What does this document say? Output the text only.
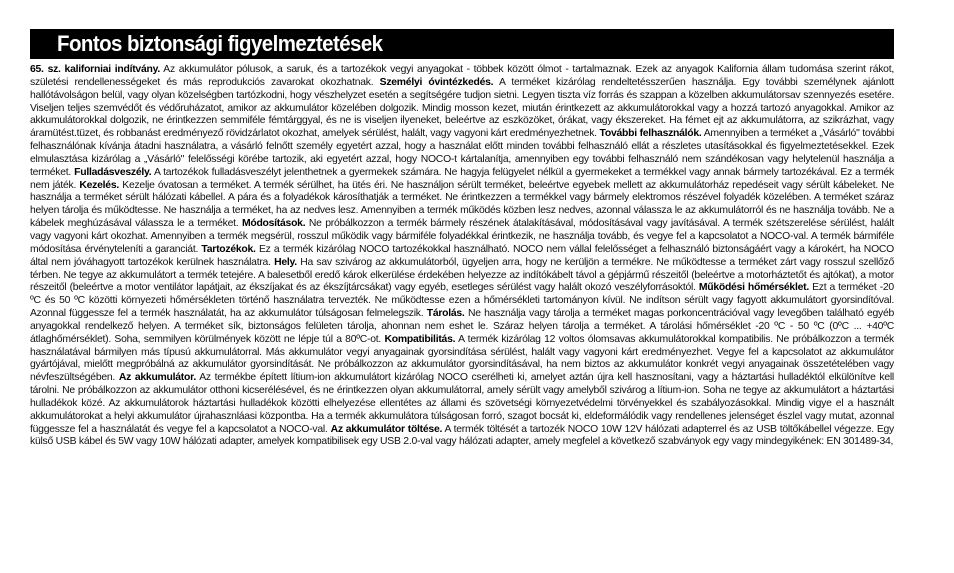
Fontos biztonsági figyelmeztetések

65. sz. kaliforniai indítvány. Az akkumulátor pólusok, a saruk, és a tartozékok vegyi anyagokat - többek között ólmot - tartalmaznak. Ezek az anyagok Kalifornia állam tudomása szerint rákot, születési rendellenességeket és más reprodukciós zavarokat okozhatnak. Személyi óvintézkedés. A terméket kizárólag rendeltetésszerűen használja. Egy további személynek ajánlott hallótávolságon belül, vagy olyan közelségben tartózkodni, hogy vészhelyzet esetén a segítségére tudjon sietni. Legyen tiszta víz forrás és szappan a közelben akkumulátorsav szennyezés esetére. Viseljen teljes szemvédőt és védőruházatot, amikor az akkumulátor közelében dolgozik. Mindig mosson kezet, miután érintkezett az akkumulátorokkal vagy a hozzá tartozó anyagokkal. Amikor az akkumulátorokkal dolgozik, ne érintkezzen semmiféle fémtárggyal, és ne is viseljen ilyeneket, beleértve az eszközöket, órákat, vagy ékszereket. Ha fémet ejt az akkumulátorra, az szikrázhat, vagy áramütést.tüzet, és robbanást eredményező rövidzárlatot okozhat, amelyek sérülést, halált, vagy vagyoni kárt eredményezhetnek. További felhasználók. Amennyiben a terméket a „Vásárló" további felhasználónak kívánja átadni használatra, a vásárló felnőtt személy egyetért azzal, hogy a használat előtt minden további felhasználó ellát a részletes utasításokkal és figyelmeztetésekkel. Ezek elmulasztása kizárólag a „Vásárló" felelősségi körébe tartozik, aki egyetért azzal, hogy NOCO-t kártalanítja, amennyiben egy további felhasználó nem szándékosan vagy helytelenül használja a terméket. Fulladásveszély. A tartozékok fulladásveszélyt jelenthetnek a gyermekek számára. Ne hagyja felügyelet nélkül a gyermekeket a termékkel vagy annak bármely tartozékával. Ez a termék nem játék. Kezelés. Kezelje óvatosan a terméket. A termék sérülhet, ha ütés éri. Ne használjon sérült terméket, beleértve egyebek mellett az akkumulátorház repedéseit vagy sérült kábeleket. Ne használja a terméket sérült hálózati kábellel. A pára és a folyadékok károsíthatják a terméket. Ne érintkezzen a termékkel vagy bármely elektromos részével folyadék közelében. A terméket száraz helyen tárolja és működtesse. Ne használja a terméket, ha az nedves lesz. Amennyiben a termék működés közben lesz nedves, azonnal válassza le az akkumulátorról és ne használja tovább. Ne a kábelek meghúzásával válassza le a terméket. Módosítások. Ne próbálkozzon a termék bármely részének átalakításával, módosításával vagy javításával. A termék szétszerelése sérülést, halált vagy vagyoni kárt okozhat. Amennyiben a termék megsérül, rosszul működik vagy bármiféle folyadékkal érintkezik, ne használja tovább, és vegye fel a kapcsolatot a NOCO-val. A termék bármiféle módosítása érvényteleníti a garanciát. Tartozékok. Ez a termék kizárólag NOCO tartozékokkal használható. NOCO nem vállal felelősséget a felhasználó biztonságáért vagy a károkért, ha NOCO által nem jóváhagyott tartozékok kerülnek használatra. Hely. Ha sav szivárog az akkumulátorból, ügyeljen arra, hogy ne kerüljön a termékre. Ne működtesse a terméket zárt vagy rosszul szellőző térben. Ne tegye az akkumulátort a termék tetejére. A balesetből eredő károk elkerülése érdekében helyezze az indítókábelt távol a gépjármű részeitől (beleértve a motorháztetőt és ajtókat), a motor részeitől (beleértve a motor ventilátor lapátjait, az ékszíjakat és az ékszíjtárcsákat) vagy egyéb, esetleges sérülést vagy halált okozó veszélyforrásoktól. Működési hőmérséklet. Ezt a terméket -20 ºC és 50 ºC közötti környezeti hőmérsékleten történő használatra tervezték. Ne működtesse ezen a hőmérsékleti tartományon kívül. Ne indítson sérült vagy fagyott akkumulátort gyorsindítóval. Azonnal függessze fel a termék használatát, ha az akkumulátor túlságosan felmelegszik. Tárolás. Ne használja vagy tárolja a terméket magas porkoncentrációval vagy levegőben található egyéb anyagokkal rendelkező helyen. A terméket sík, biztonságos felületen tárolja, ahonnan nem eshet le. Száraz helyen tárolja a terméket. A tárolási hőmérséklet -20 ºC - 50 ºC (0ºC ... +40ºC átlaghőmérséklet). Soha, semmilyen körülmények között ne lépje túl a 80ºC-ot. Kompatibilitás. A termék kizárólag 12 voltos ólomsavas akkumulátorokkal kompatibilis. Ne próbálkozzon a termék használatával bármilyen más típusú akkumulátorral. Más akkumulátor vegyi anyagainak gyorsindítása sérülést, halált vagy vagyoni kárt eredményezhet. Vegye fel a kapcsolatot az akkumulátor gyártójával, mielőtt megpróbálná az akkumulátor gyorsindítását. Ne próbálkozzon az akkumulátor gyorsindításával, ha nem biztos az akkumulátor konkrét vegyi anyagainak összetételében vagy névfeszültségében. Az akkumulátor. Az termékbe épített lítium-ion akkumulátort kizárólag NOCO cserélheti ki, amelyet aztán újra kell hasznosítani, vagy a háztartási hulladéktól elkülönítve kell tárolni. Ne próbálkozzon az akkumulátor otthoni kicserélésével, és ne érintkezzen olyan akkumulátorral, amely sérült vagy amelyből szivárog a lítium-ion. Soha ne tegye az akkumulátort a háztartási hulladékok közé. Az akkumulátorok háztartási hulladékok közötti elhelyezése ellentétes az állami és szövetségi környezetvédelmi törvényekkel és szabályozásokkal. Mindig vigye el a használt akkumulátorokat a helyi akkumulátor újrahasznláasi központba. Ha a termék akkumulátora túlságosan forró, szagot bocsát ki, eldeformálódik vagy rendellenes jelenséget észlel vagy mutat, azonnal függessze fel a használatát és vegye fel a kapcsolatot a NOCO-val. Az akkumulátor töltése. A termék töltését a tartozék NOCO 10W 12V hálózati adapterrel és az USB töltőkábellel végezze. Egy külső USB kábel és 5W vagy 10W hálózati adapter, amelyek kompatibilisek egy USB 2.0-val vagy hálózati adapter, amely megfelel a következő szabványok egy vagy mindegyikének: EN 301489-34,
